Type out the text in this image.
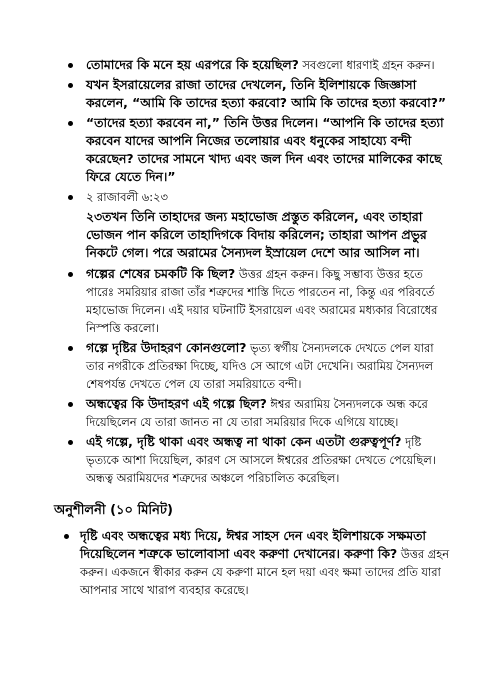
তোমাদের কি মনে হয় এরপরে কি হয়েছিল? সবগুলো ধারণাই গ্রহন করুন।
যখন ইসরায়েলের রাজা তাদের দেখলেন, তিনি ইলিশায়কে জিজ্ঞাসা করলেন, “আমি কি তাদের হত্যা করবো? আমি কি তাদের হত্যা করবো?”
“তাদের হত্যা করবেন না,” তিনি উত্তর দিলেন। “আপনি কি তাদের হত্যা করবেন যাদের আপনি নিজের তলোয়ার এবং ধনুকের সাহায্যে বন্দী করেছেন? তাদের সামনে খাদ্য এবং জল দিন এবং তাদের মালিকের কাছে ফিরে যেতে দিন।”
২ রাজাবলী ৬:২৩
২৩তখন তিনি তাহাদের জন্য মহাভোজ প্রস্তুত করিলেন, এবং তাহারা ভোজন পান করিলে তাহাদিগকে বিদায় করিলেন; তাহারা আপন প্রভুর নিকটে গেল। পরে অরামের সৈন্যদল ইস্রায়েল দেশে আর আসিল না।
গল্পের শেষের চমকটি কি ছিল? উত্তর গ্রহন করুন। কিছু সম্ভাব্য উত্তর হতে পারেঃ সমরিয়ার রাজা তাঁর শত্রুদের শাস্তি দিতে পারতেন না, কিন্তু এর পরিবর্তে মহাভোজ দিলেন। এই দয়ার ঘটনাটি ইসরায়েল এবং অরামের মধ্যকার বিরোধের নিস্পত্তি করলো।
গল্পে দৃষ্টির উদাহরণ কোনগুলো? ভৃত্য স্বর্গীয় সৈন্যদলকে দেখতে পেল যারা তার নগরীকে প্রতিরক্ষা দিচ্ছে, যদিও সে আগে এটা দেখেনি। অরামিয় সৈন্যদল শেষপর্যন্ত দেখতে পেল যে তারা সমরিয়াতে বন্দী।
অন্ধত্বের কি উদাহরণ এই গল্পে ছিল? ঈশ্বর অরামিয় সৈন্যদলকে অন্ধ করে দিয়েছিলেন যে তারা জানত না যে তারা সমরিয়ার দিকে এগিয়ে যাচ্ছে।
এই গল্পে, দৃষ্টি থাকা এবং অন্ধত্ব না থাকা কেন এতটা গুরুত্বপূর্ণ? দৃষ্টি ভৃত্যকে আশা দিয়েছিল, কারণ সে আসলে ঈশ্বরের প্রতিরক্ষা দেখতে পেয়েছিল। অন্ধত্ব অরামিয়দের শত্রুদের অঞ্চলে পরিচালিত করেছিল।
অনুশীলনী (১০ মিনিট)
দৃষ্টি এবং অন্ধত্বের মধ্য দিয়ে, ঈশ্বর সাহস দেন এবং ইলিশায়কে সক্ষমতা দিয়েছিলেন শত্রুকে ভালোবাসা এবং করুণা দেখানের। করুণা কি? উত্তর গ্রহন করুন। একজনে স্বীকার করুন যে করুণা মানে হল দয়া এবং ক্ষমা তাদের প্রতি যারা আপনার সাথে খারাপ ব্যবহার করেছে।
